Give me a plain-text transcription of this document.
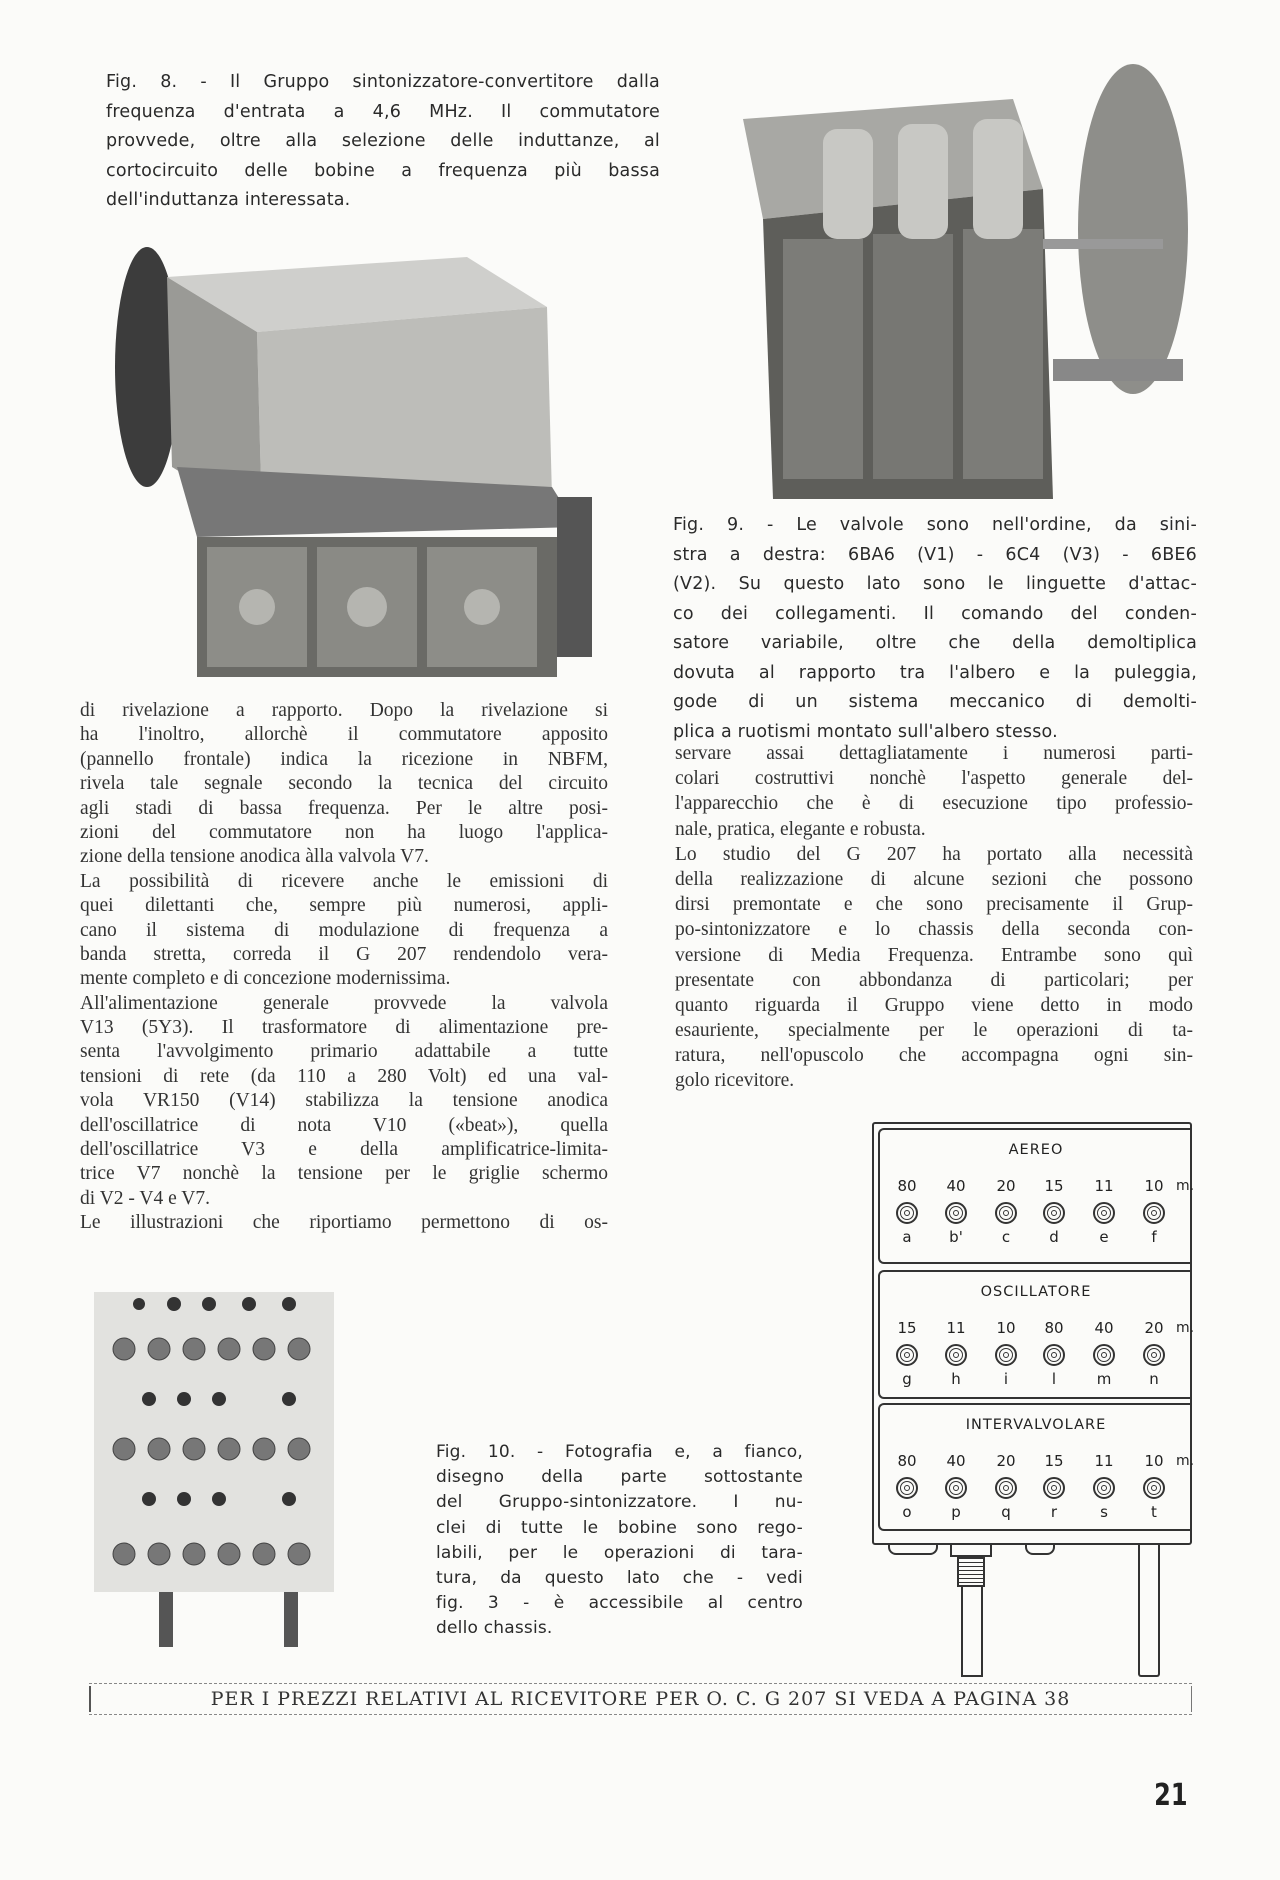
Fig. 8. - Il Gruppo sintonizzatore-convertitore dalla
frequenza d'entrata a 4,6 MHz. Il commutatore
provvede, oltre alla selezione delle induttanze, al
cortocircuito delle bobine a frequenza più bassa
dell'induttanza interessata.
Fig. 9. - Le valvole sono nell'ordine, da sini-
stra a destra: 6BA6 (V1) - 6C4 (V3) - 6BE6
(V2). Su questo lato sono le linguette d'attac-
co dei collegamenti. Il comando del conden-
satore variabile, oltre che della demoltiplica
dovuta al rapporto tra l'albero e la puleggia,
gode di un sistema meccanico di demolti-
plica a ruotismi montato sull'albero stesso.
di rivelazione a rapporto. Dopo la rivelazione si
ha l'inoltro, allorchè il commutatore apposito
(pannello frontale) indica la ricezione in NBFM,
rivela tale segnale secondo la tecnica del circuito
agli stadi di bassa frequenza. Per le altre posi-
zioni del commutatore non ha luogo l'applica-
zione della tensione anodica àlla valvola V7.
La possibilità di ricevere anche le emissioni di
quei dilettanti che, sempre più numerosi, appli-
cano il sistema di modulazione di frequenza a
banda stretta, correda il G 207 rendendolo vera-
mente completo e di concezione modernissima.
All'alimentazione generale provvede la valvola
V13 (5Y3). Il trasformatore di alimentazione pre-
senta l'avvolgimento primario adattabile a tutte
tensioni di rete (da 110 a 280 Volt) ed una val-
vola VR150 (V14) stabilizza la tensione anodica
dell'oscillatrice di nota V10 («beat»), quella
dell'oscillatrice V3 e della amplificatrice-limita-
trice V7 nonchè la tensione per le griglie schermo
di V2 - V4 e V7.
Le illustrazioni che riportiamo permettono di os-
servare assai dettagliatamente i numerosi parti-
colari costruttivi nonchè l'aspetto generale del-
l'apparecchio che è di esecuzione tipo professio-
nale, pratica, elegante e robusta.
Lo studio del G 207 ha portato alla necessità
della realizzazione di alcune sezioni che possono
dirsi premontate e che sono precisamente il Grup-
po-sintonizzatore e lo chassis della seconda con-
versione di Media Frequenza. Entrambe sono quì
presentate con abbondanza di particolari; per
quanto riguarda il Gruppo viene detto in modo
esauriente, specialmente per le operazioni di ta-
ratura, nell'opuscolo che accompagna ogni sin-
golo ricevitore.
Fig. 10. - Fotografia e, a fianco,
disegno della parte sottostante
del Gruppo-sintonizzatore. I nu-
clei di tutte le bobine sono rego-
labili, per le operazioni di tara-
tura, da questo lato che - vedi
fig. 3 - è accessibile al centro
dello chassis.
AEREO
80
a
40
b'
20
c
15
d
11
e
10
f
m.
OSCILLATORE
15
g
11
h
10
i
80
l
40
m
20
n
m.
INTERVALVOLARE
80
o
40
p
20
q
15
r
11
s
10
t
m.
PER I PREZZI RELATIVI AL RICEVITORE PER O. C. G 207 SI VEDA A PAGINA 38
21
